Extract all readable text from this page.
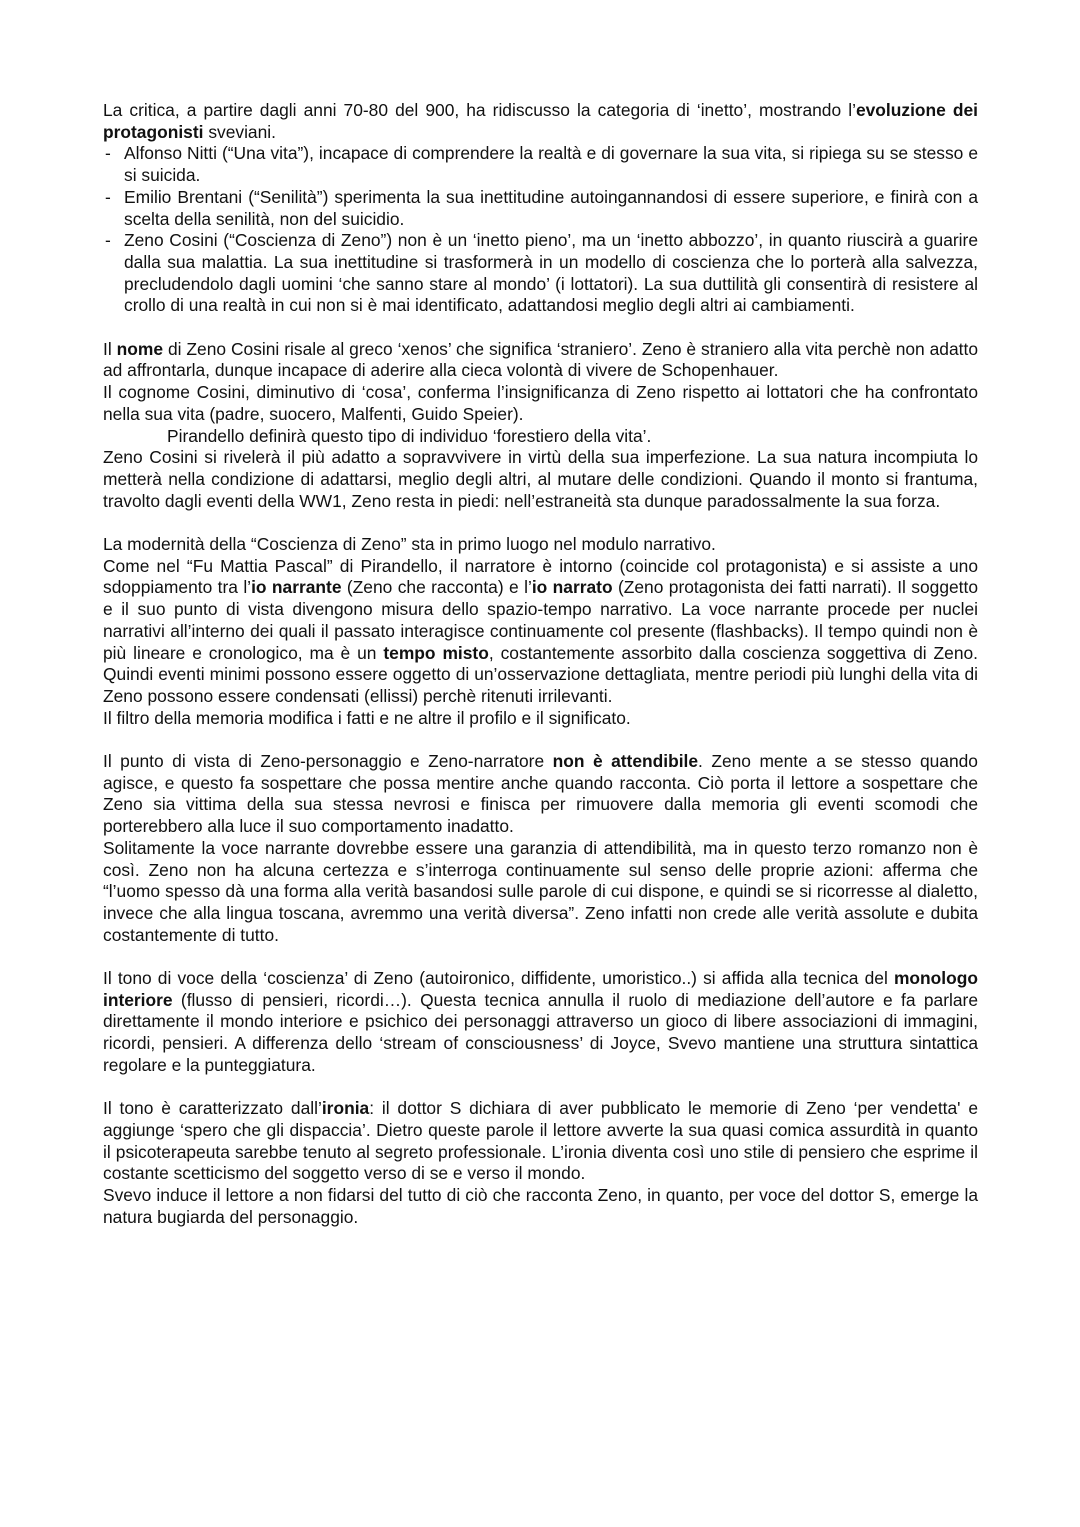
La critica, a partire dagli anni 70-80 del 900, ha ridiscusso la categoria di ‘inetto’, mostrando l’evoluzione dei protagonisti sveviani.

- Alfonso Nitti (“Una vita”), incapace di comprendere la realtà e di governare la sua vita, si ripiega su se stesso e si suicida.
- Emilio Brentani (“Senilità”) sperimenta la sua inettitudine autoingannandosi di essere superiore, e finirà con a scelta della senilità, non del suicidio.
- Zeno Cosini (“Coscienza di Zeno”) non è un ‘inetto pieno’, ma un ‘inetto abbozzo’, in quanto riuscirà a guarire dalla sua malattia. La sua inettitudine si trasformerà in un modello di coscienza che lo porterà alla salvezza, precludendolo dagli uomini ‘che sanno stare al mondo’ (i lottatori). La sua duttilità gli consentirà di resistere al crollo di una realtà in cui non si è mai identificato, adattandosi meglio degli altri ai cambiamenti.

Il nome di Zeno Cosini risale al greco ‘xenos’ che significa ‘straniero’. Zeno è straniero alla vita perchè non adatto ad affrontarla, dunque incapace di aderire alla cieca volontà di vivere de Schopenhauer.

Il cognome Cosini, diminutivo di ‘cosa’, conferma l’insignificanza di Zeno rispetto ai lottatori che ha confrontato nella sua vita (padre, suocero, Malfenti, Guido Speier).

Pirandello definirà questo tipo di individuo ‘forestiero della vita’.

Zeno Cosini si rivelerà il più adatto a sopravvivere in virtù della sua imperfezione. La sua natura incompiuta lo metterà nella condizione di adattarsi, meglio degli altri, al mutare delle condizioni. Quando il monto si frantuma, travolto dagli eventi della WW1, Zeno resta in piedi: nell’estraneità sta dunque paradossalmente la sua forza.

La modernità della “Coscienza di Zeno” sta in primo luogo nel modulo narrativo.

Come nel “Fu Mattia Pascal” di Pirandello, il narratore è intorno (coincide col protagonista) e si assiste a uno sdoppiamento tra l’io narrante (Zeno che racconta) e l’io narrato (Zeno protagonista dei fatti narrati). Il soggetto e il suo punto di vista divengono misura dello spazio-tempo narrativo. La voce narrante procede per nuclei narrativi all’interno dei quali il passato interagisce continuamente col presente (flashbacks). Il tempo quindi non è più lineare e cronologico, ma è un tempo misto, costantemente assorbito dalla coscienza soggettiva di Zeno. Quindi eventi minimi possono essere oggetto di un’osservazione dettagliata, mentre periodi più lunghi della vita di Zeno possono essere condensati (ellissi) perchè ritenuti irrilevanti.

Il filtro della memoria modifica i fatti e ne altre il profilo e il significato.

Il punto di vista di Zeno-personaggio e Zeno-narratore non è attendibile. Zeno mente a se stesso quando agisce, e questo fa sospettare che possa mentire anche quando racconta. Ciò porta il lettore a sospettare che Zeno sia vittima della sua stessa nevrosi e finisca per rimuovere dalla memoria gli eventi scomodi che porterebbero alla luce il suo comportamento inadatto.

Solitamente la voce narrante dovrebbe essere una garanzia di attendibilità, ma in questo terzo romanzo non è così. Zeno non ha alcuna certezza e s’interroga continuamente sul senso delle proprie azioni: afferma che “l’uomo spesso dà una forma alla verità basandosi sulle parole di cui dispone, e quindi se si ricorresse al dialetto, invece che alla lingua toscana, avremmo una verità diversa”. Zeno infatti non crede alle verità assolute e dubita costantemente di tutto.

Il tono di voce della ‘coscienza’ di Zeno (autoironico, diffidente, umoristico..) si affida alla tecnica del monologo interiore (flusso di pensieri, ricordi…). Questa tecnica annulla il ruolo di mediazione dell’autore e fa parlare direttamente il mondo interiore e psichico dei personaggi attraverso un gioco di libere associazioni di immagini, ricordi, pensieri. A differenza dello ‘stream of consciousness’ di Joyce, Svevo mantiene una struttura sintattica regolare e la punteggiatura.

Il tono è caratterizzato dall’ironia: il dottor S dichiara di aver pubblicato le memorie di Zeno ‘per vendetta' e aggiunge ‘spero che gli dispaccia’. Dietro queste parole il lettore avverte la sua quasi comica assurdità in quanto il psicoterapeuta sarebbe tenuto al segreto professionale. L’ironia diventa così uno stile di pensiero che esprime il costante scetticismo del soggetto verso di se e verso il mondo.

Svevo induce il lettore a non fidarsi del tutto di ciò che racconta Zeno, in quanto, per voce del dottor S, emerge la natura bugiarda del personaggio.
